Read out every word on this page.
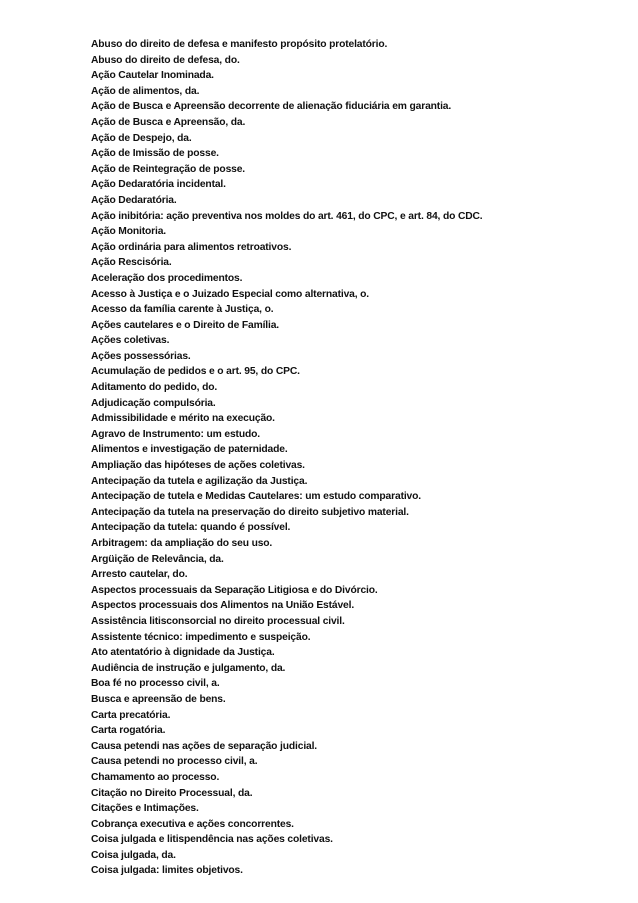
Abuso do direito de defesa e manifesto propósito protelatório.
Abuso do direito de defesa, do.
Ação Cautelar Inominada.
Ação de alimentos, da.
Ação de Busca e Apreensão decorrente de alienação fiduciária em garantia.
Ação de Busca e Apreensão, da.
Ação de Despejo, da.
Ação de Imissão de posse.
Ação de Reintegração de posse.
Ação Dedaratória incidental.
Ação Dedaratória.
Ação inibitória: ação preventiva nos moldes do art. 461, do CPC, e art. 84, do CDC.
Ação Monitoria.
Ação ordinária para alimentos retroativos.
Ação Rescisória.
Aceleração dos procedimentos.
Acesso à Justiça e o Juizado Especial como alternativa, o.
Acesso da família carente à Justiça, o.
Ações cautelares e o Direito de Família.
Ações coletivas.
Ações possessórias.
Acumulação de pedidos e o art. 95, do CPC.
Aditamento do pedido, do.
Adjudicação compulsória.
Admissibilidade e mérito na execução.
Agravo de Instrumento: um estudo.
Alimentos e investigação de paternidade.
Ampliação das hipóteses de ações coletivas.
Antecipação da tutela e agilização da Justiça.
Antecipação de tutela e Medidas Cautelares: um estudo comparativo.
Antecipação da tutela na preservação do direito subjetivo material.
Antecipação da tutela: quando é possível.
Arbitragem: da ampliação do seu uso.
Argüição de Relevância, da.
Arresto cautelar, do.
Aspectos processuais da Separação Litigiosa e do Divórcio.
Aspectos processuais dos Alimentos na União Estável.
Assistência litisconsorcial no direito processual civil.
Assistente técnico: impedimento e suspeição.
Ato atentatório à dignidade da Justiça.
Audiência de instrução e julgamento, da.
Boa fé no processo civil, a.
Busca e apreensão de bens.
Carta precatória.
Carta rogatória.
Causa petendi nas ações de separação judicial.
Causa petendi no processo civil, a.
Chamamento ao processo.
Citação no Direito Processual, da.
Citações e Intimações.
Cobrança executiva e ações concorrentes.
Coisa julgada e litispendência nas ações coletivas.
Coisa julgada, da.
Coisa julgada: limites objetivos.
